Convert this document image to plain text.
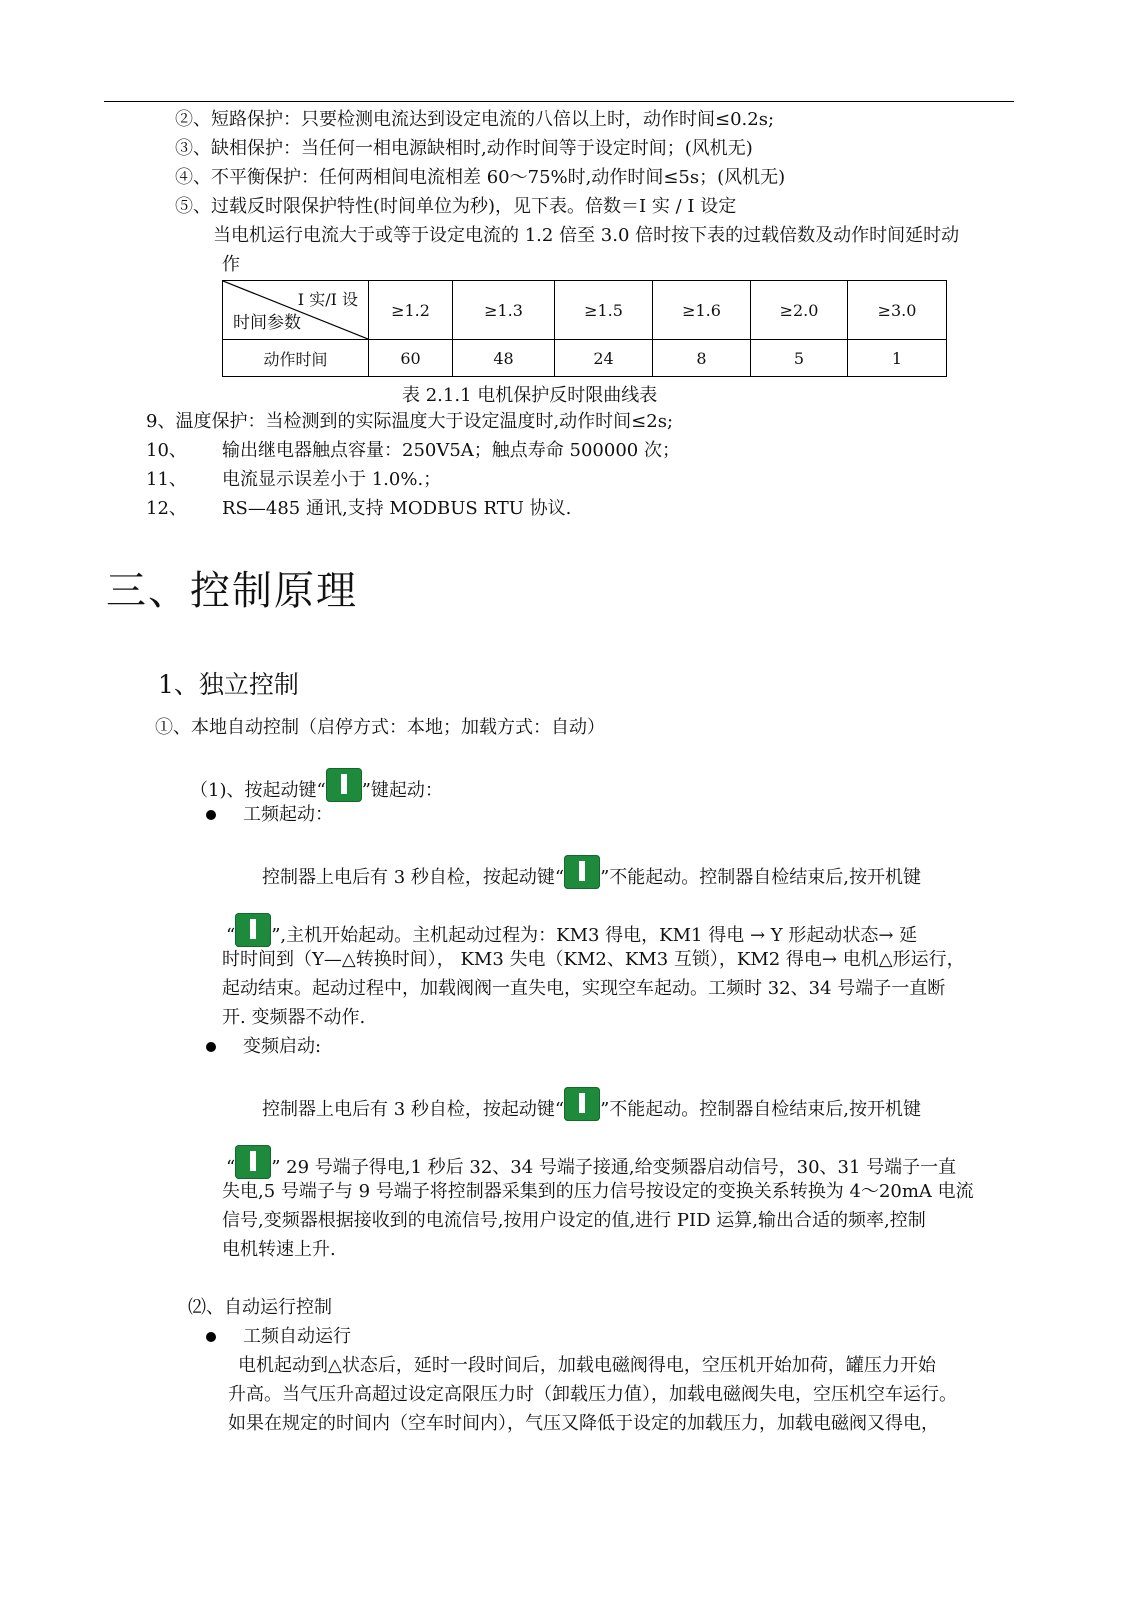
②、短路保护：只要检测电流达到设定电流的八倍以上时，动作时间≤0.2s;
③、缺相保护：当任何一相电源缺相时,动作时间等于设定时间；(风机无)
④、不平衡保护：任何两相间电流相差 60～75%时,动作时间≤5s；(风机无)
⑤、过载反时限保护特性(时间单位为秒)，见下表。倍数＝I 实 / I 设定
当电机运行电流大于或等于设定电流的 1.2 倍至 3.0 倍时按下表的过载倍数及动作时间延时动
作
I 实/I 设
时间参数	≥1.2	≥1.3	≥1.5	≥1.6	≥2.0	≥3.0
动作时间	60	48	24	8	5	1
表 2.1.1 电机保护反时限曲线表
9、温度保护：当检测到的实际温度大于设定温度时,动作时间≤2s;
10、 输出继电器触点容量：250V5A；触点寿命 500000 次；
11、 电流显示误差小于 1.0%.；
12、 RS—485 通讯,支持 MODBUS RTU 协议.
三、控制原理
1、独立控制
①、本地自动控制（启停方式：本地；加载方式：自动）
（1)、按起动键“ ”键起动：
工频起动：
控制器上电后有 3 秒自检，按起动键“ ”不能起动。控制器自检结束后,按开机键
“ ”,主机开始起动。主机起动过程为：KM3 得电，KM1 得电 → Y 形起动状态→ 延
时时间到（Y—△转换时间）， KM3 失电（KM2、KM3 互锁），KM2 得电→ 电机△形运行，
起动结束。起动过程中，加载阀阀一直失电，实现空车起动。工频时 32、34 号端子一直断
开. 变频器不动作.
变频启动:
控制器上电后有 3 秒自检，按起动键“ ”不能起动。控制器自检结束后,按开机键
“ ” 29 号端子得电,1 秒后 32、34 号端子接通,给变频器启动信号，30、31 号端子一直
失电,5 号端子与 9 号端子将控制器采集到的压力信号按设定的变换关系转换为 4～20mA 电流
信号,变频器根据接收到的电流信号,按用户设定的值,进行 PID 运算,输出合适的频率,控制
电机转速上升.
⑵、自动运行控制
工频自动运行
电机起动到△状态后，延时一段时间后，加载电磁阀得电，空压机开始加荷，罐压力开始
升高。当气压升高超过设定高限压力时（卸载压力值），加载电磁阀失电，空压机空车运行。
如果在规定的时间内（空车时间内），气压又降低于设定的加载压力，加载电磁阀又得电，
